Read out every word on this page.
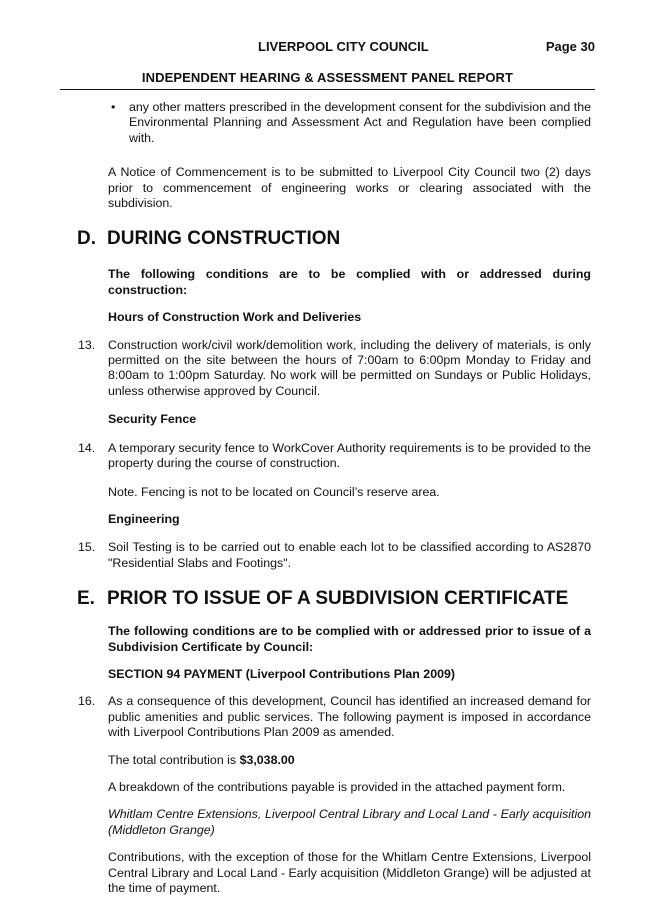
LIVERPOOL CITY COUNCIL	Page 30
INDEPENDENT HEARING & ASSESSMENT PANEL REPORT
• any other matters prescribed in the development consent for the subdivision and the Environmental Planning and Assessment Act and Regulation have been complied with.
A Notice of Commencement is to be submitted to Liverpool City Council two (2) days prior to commencement of engineering works or clearing associated with the subdivision.
D. DURING CONSTRUCTION
The following conditions are to be complied with or addressed during construction:
Hours of Construction Work and Deliveries
13. Construction work/civil work/demolition work, including the delivery of materials, is only permitted on the site between the hours of 7:00am to 6:00pm Monday to Friday and 8:00am to 1:00pm Saturday. No work will be permitted on Sundays or Public Holidays, unless otherwise approved by Council.
Security Fence
14. A temporary security fence to WorkCover Authority requirements is to be provided to the property during the course of construction.
Note. Fencing is not to be located on Council’s reserve area.
Engineering
15. Soil Testing is to be carried out to enable each lot to be classified according to AS2870 "Residential Slabs and Footings".
E. PRIOR TO ISSUE OF A SUBDIVISION CERTIFICATE
The following conditions are to be complied with or addressed prior to issue of a Subdivision Certificate by Council:
SECTION 94 PAYMENT (Liverpool Contributions Plan 2009)
16. As a consequence of this development, Council has identified an increased demand for public amenities and public services. The following payment is imposed in accordance with Liverpool Contributions Plan 2009 as amended.
The total contribution is $3,038.00
A breakdown of the contributions payable is provided in the attached payment form.
Whitlam Centre Extensions, Liverpool Central Library and Local Land - Early acquisition (Middleton Grange)
Contributions, with the exception of those for the Whitlam Centre Extensions, Liverpool Central Library and Local Land - Early acquisition (Middleton Grange) will be adjusted at the time of payment.
